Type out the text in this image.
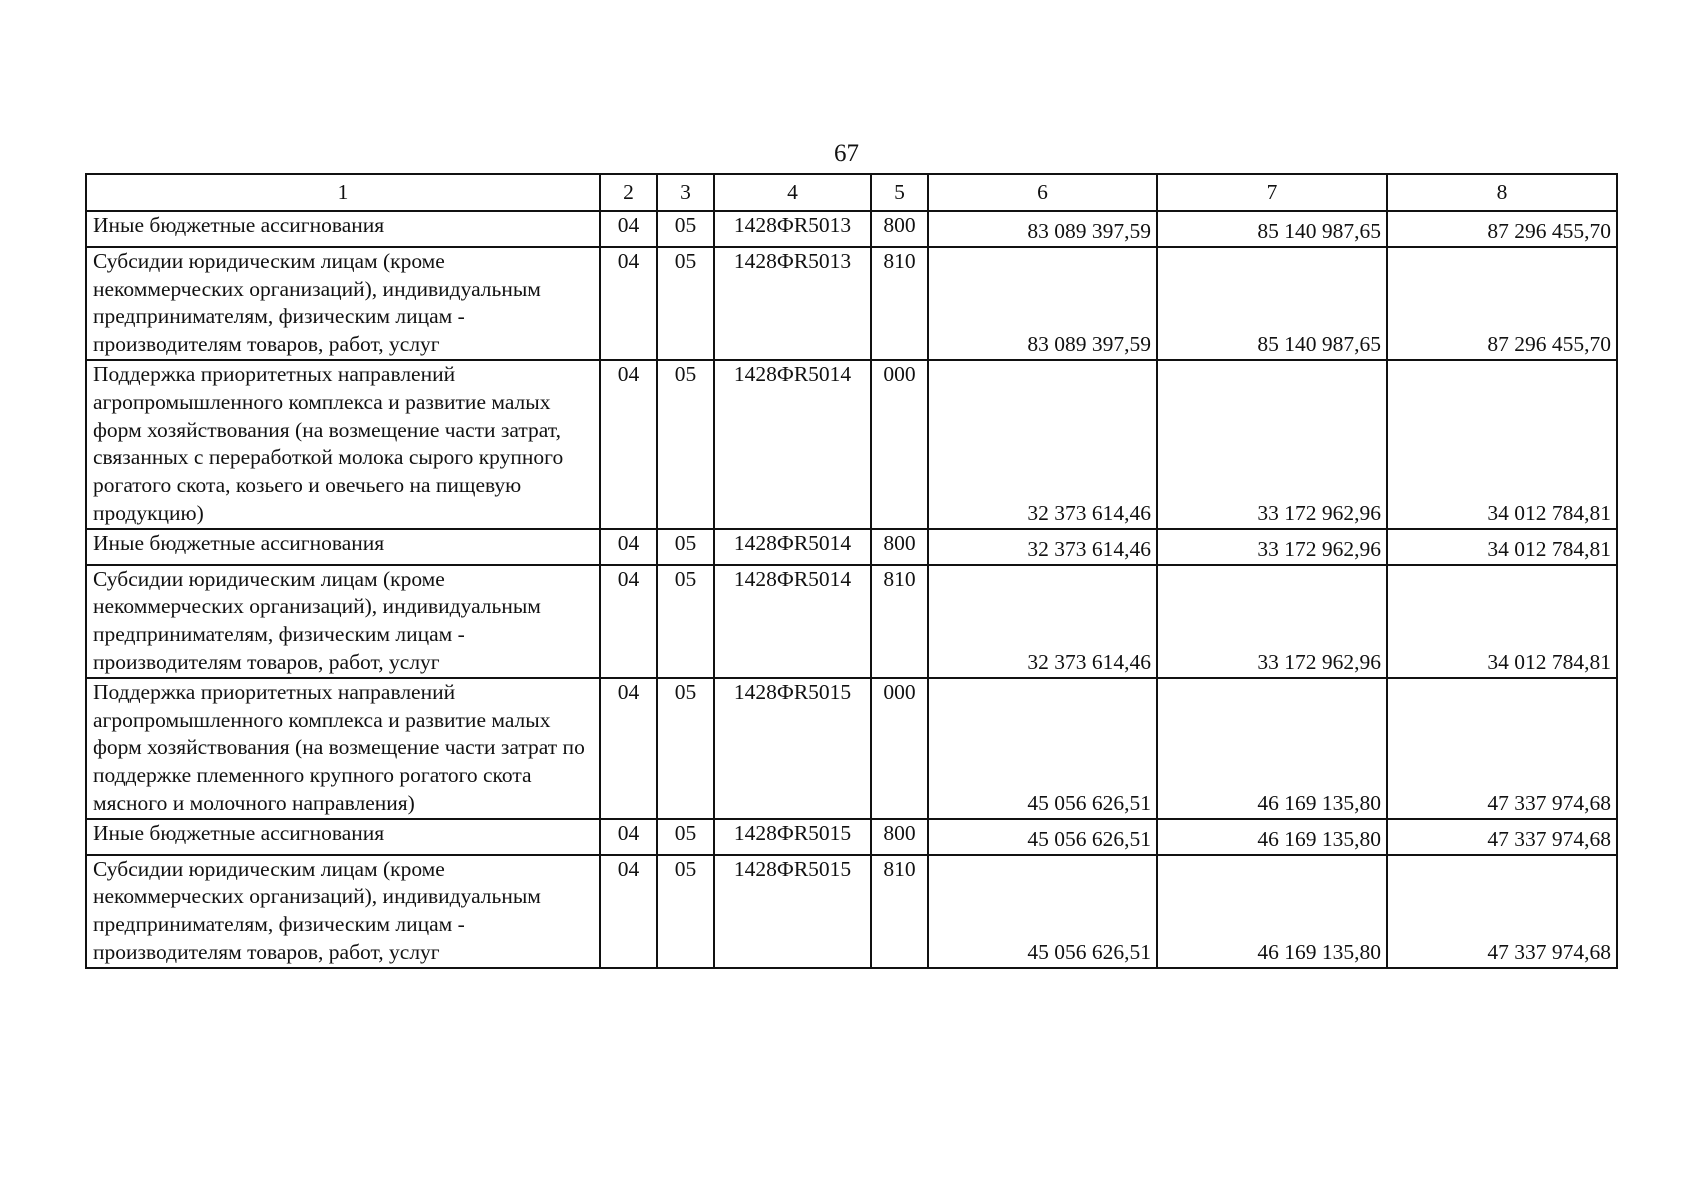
67
1	2	3	4	5	6	7	8
Иные бюджетные ассигнования	04	05	1428ФR5013	800	83 089 397,59	85 140 987,65	87 296 455,70
Субсидии юридическим лицам (кроме некоммерческих организаций), индивидуальным предпринимателям, физическим лицам - производителям товаров, работ, услуг	04	05	1428ФR5013	810	83 089 397,59	85 140 987,65	87 296 455,70
Поддержка приоритетных направлений агропромышленного комплекса и развитие малых форм хозяйствования (на возмещение части затрат, связанных с переработкой молока сырого крупного рогатого скота, козьего и овечьего на пищевую продукцию)	04	05	1428ФR5014	000	32 373 614,46	33 172 962,96	34 012 784,81
Иные бюджетные ассигнования	04	05	1428ФR5014	800	32 373 614,46	33 172 962,96	34 012 784,81
Субсидии юридическим лицам (кроме некоммерческих организаций), индивидуальным предпринимателям, физическим лицам - производителям товаров, работ, услуг	04	05	1428ФR5014	810	32 373 614,46	33 172 962,96	34 012 784,81
Поддержка приоритетных направлений агропромышленного комплекса и развитие малых форм хозяйствования (на возмещение части затрат по поддержке племенного крупного рогатого скота мясного и молочного направления)	04	05	1428ФR5015	000	45 056 626,51	46 169 135,80	47 337 974,68
Иные бюджетные ассигнования	04	05	1428ФR5015	800	45 056 626,51	46 169 135,80	47 337 974,68
Субсидии юридическим лицам (кроме некоммерческих организаций), индивидуальным предпринимателям, физическим лицам - производителям товаров, работ, услуг	04	05	1428ФR5015	810	45 056 626,51	46 169 135,80	47 337 974,68
